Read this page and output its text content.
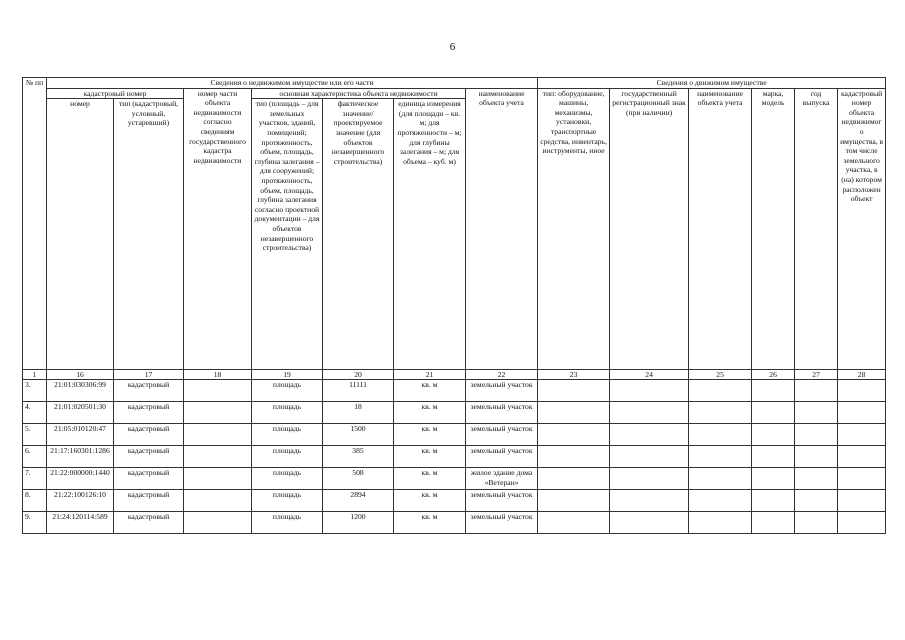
6
№ пп	Сведения о недвижимом имуществе или его части							Сведения о движимом имуществе					
	кадастровый номер		номер части объекта недвижимости согласно сведениям государственного кадастра недвижимости	основная характеристика объекта недвижимости			наименование объекта учета	тип: оборудование, машины, механизмы, установки, транспортные средства, инвентарь, инструменты, иное	государственный регистрационный знак (при наличии)	наименование объекта учета	марка, модель	год выпуска	кадастровый номер объекта недвижимого имущества, в том числе земельного участка, в (на) котором расположен объект
	номер	тип (кадастровый, условный, устаревший)		тип (площадь – для земельных участков, зданий, помещений; протяженность, объем, площадь, глубина залегания – для сооружений; протяженность, объем, площадь, глубина залегания согласно проектной документации – для объектов незавершенного строительства)	фактическое значение/ проектируемое значение (для объектов незавершенного строительства)	единица измерения (для площади – кв. м; для протяженности – м; для глубины залегания – м; для объема – куб. м)							
1	16	17	18	19	20	21	22	23	24	25	26	27	28
3.	21:01:030306:99	кадастровый		площадь	11111	кв. м	земельный участок						
4.	21:01:020501:30	кадастровый		площадь	18	кв. м	земельный участок						
5.	21:05:010120:47	кадастровый		площадь	1500	кв. м	земельный участок						
6.	21:17:160301:1286	кадастровый		площадь	385	кв. м	земельный участок						
7.	21:22:000000:1440	кадастровый		площадь	508	кв. м	жилое здание дома «Ветеран»						
8.	21:22:100126:10	кадастровый		площадь	2894	кв. м	земельный участок						
9.	21:24:120114:589	кадастровый		площадь	1200	кв. м	земельный участок						
